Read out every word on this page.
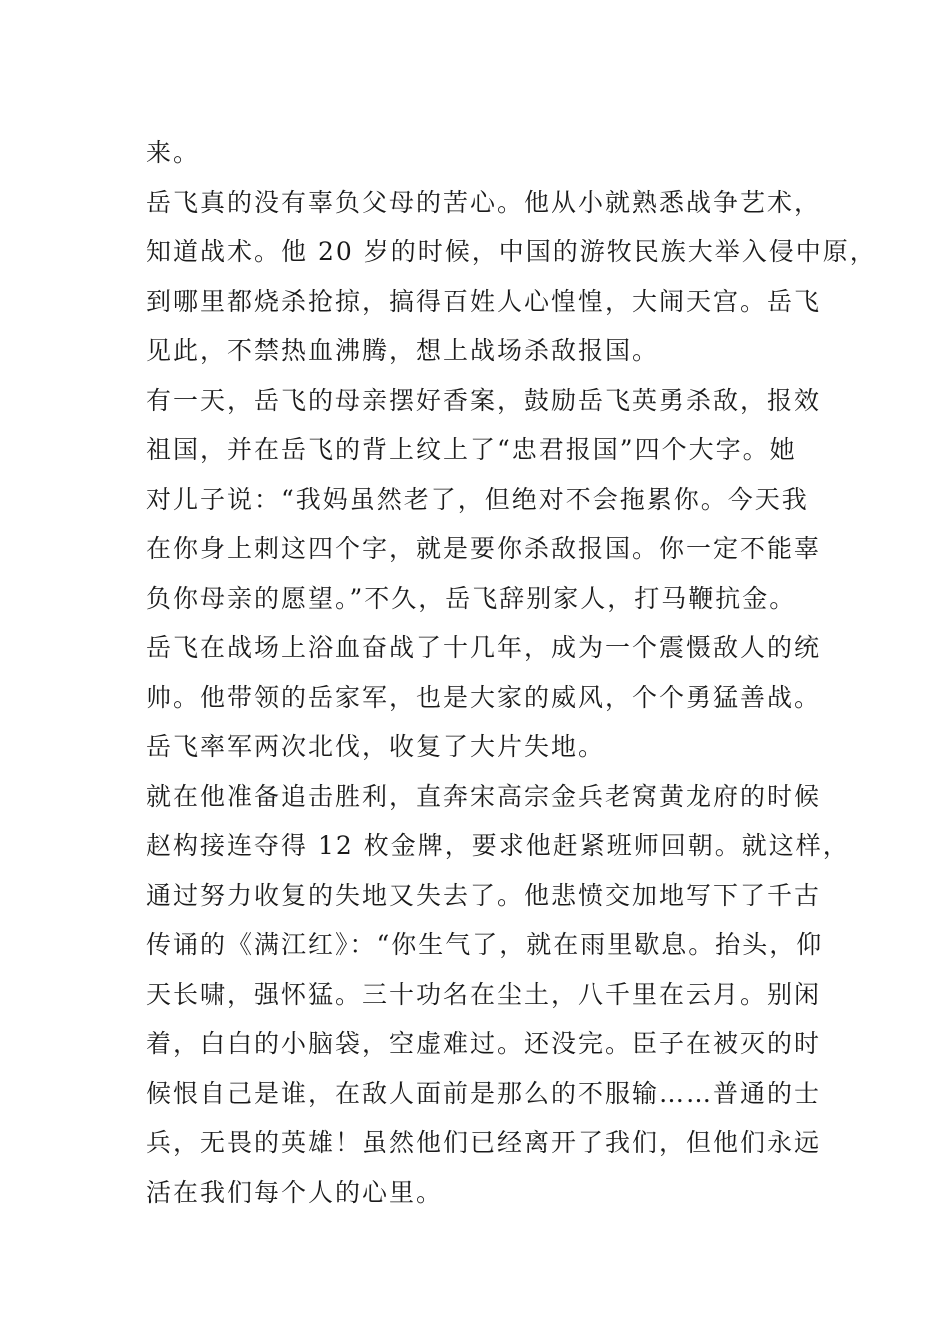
来。
岳飞真的没有辜负父母的苦心。他从小就熟悉战争艺术，
知道战术。他 20 岁的时候，中国的游牧民族大举入侵中原，
到哪里都烧杀抢掠，搞得百姓人心惶惶，大闹天宫。岳飞
见此，不禁热血沸腾，想上战场杀敌报国。
有一天，岳飞的母亲摆好香案，鼓励岳飞英勇杀敌，报效
祖国，并在岳飞的背上纹上了“忠君报国”四个大字。她
对儿子说：“我妈虽然老了，但绝对不会拖累你。今天我
在你身上刺这四个字，就是要你杀敌报国。你一定不能辜
负你母亲的愿望。”不久，岳飞辞别家人，打马鞭抗金。
岳飞在战场上浴血奋战了十几年，成为一个震慑敌人的统
帅。他带领的岳家军，也是大家的威风，个个勇猛善战。
岳飞率军两次北伐，收复了大片失地。
就在他准备追击胜利，直奔宋高宗金兵老窝黄龙府的时候
赵构接连夺得 12 枚金牌，要求他赶紧班师回朝。就这样，
通过努力收复的失地又失去了。他悲愤交加地写下了千古
传诵的《满江红》：“你生气了，就在雨里歇息。抬头，仰
天长啸，强怀猛。三十功名在尘土，八千里在云月。别闲
着，白白的小脑袋，空虚难过。还没完。臣子在被灭的时
候恨自己是谁，在敌人面前是那么的不服输……普通的士
兵，无畏的英雄！虽然他们已经离开了我们，但他们永远
活在我们每个人的心里。
